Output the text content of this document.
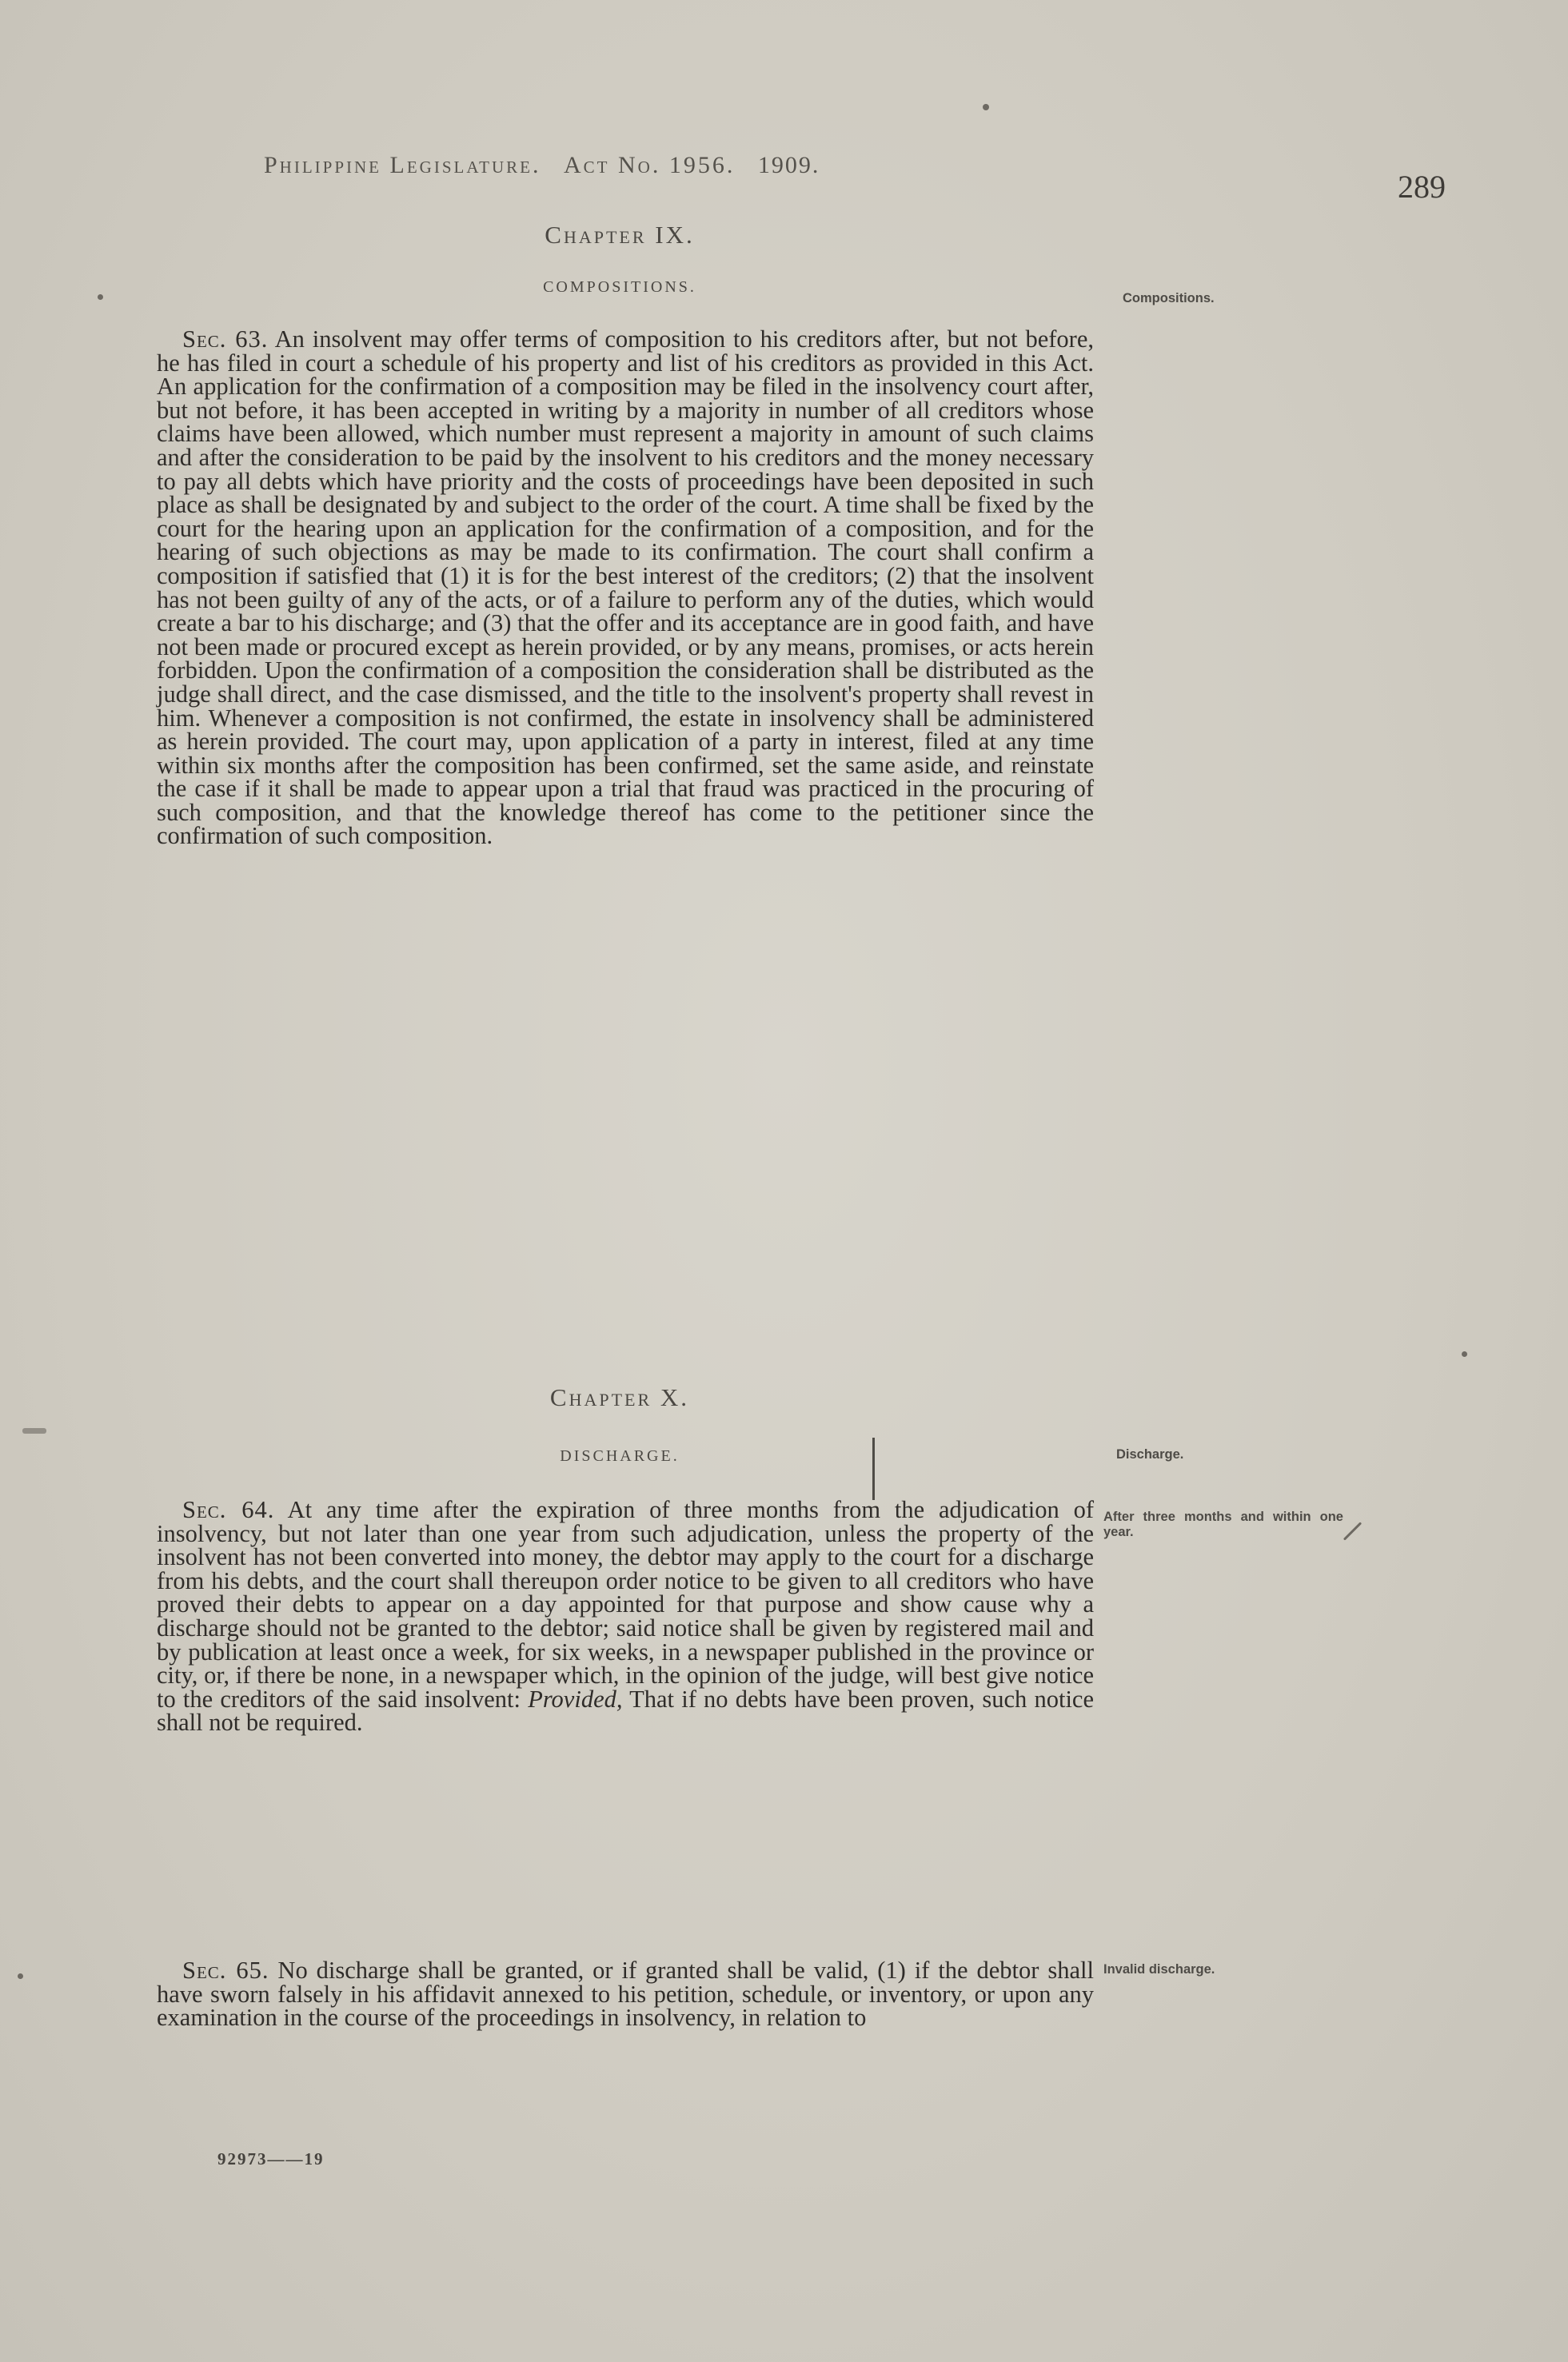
Philippine Legislature. Act No. 1956. 1909.
289
Chapter IX.
COMPOSITIONS.
Compositions.

Sec. 63. An insolvent may offer terms of composition to his creditors after, but not before, he has filed in court a schedule of his property and list of his creditors as provided in this Act. An application for the confirmation of a composition may be filed in the insolvency court after, but not before, it has been accepted in writing by a majority in number of all creditors whose claims have been allowed, which number must represent a majority in amount of such claims and after the consideration to be paid by the insolvent to his creditors and the money necessary to pay all debts which have priority and the costs of proceedings have been deposited in such place as shall be designated by and subject to the order of the court. A time shall be fixed by the court for the hearing upon an application for the confirmation of a composition, and for the hearing of such objections as may be made to its confirmation. The court shall confirm a composition if satisfied that (1) it is for the best interest of the creditors; (2) that the insolvent has not been guilty of any of the acts, or of a failure to perform any of the duties, which would create a bar to his discharge; and (3) that the offer and its acceptance are in good faith, and have not been made or procured except as herein provided, or by any means, promises, or acts herein forbidden. Upon the confirmation of a composition the consideration shall be distributed as the judge shall direct, and the case dismissed, and the title to the insolvent's property shall revest in him. Whenever a composition is not confirmed, the estate in insolvency shall be administered as herein provided. The court may, upon application of a party in interest, filed at any time within six months after the composition has been confirmed, set the same aside, and reinstate the case if it shall be made to appear upon a trial that fraud was practiced in the procuring of such composition, and that the knowledge thereof has come to the petitioner since the confirmation of such composition.

Chapter X.
DISCHARGE.	Discharge.
After three months and within one year.

Sec. 64. At any time after the expiration of three months from the adjudication of insolvency, but not later than one year from such adjudication, unless the property of the insolvent has not been converted into money, the debtor may apply to the court for a discharge from his debts, and the court shall thereupon order notice to be given to all creditors who have proved their debts to appear on a day appointed for that purpose and show cause why a discharge should not be granted to the debtor; said notice shall be given by registered mail and by publication at least once a week, for six weeks, in a newspaper published in the province or city, or, if there be none, in a newspaper which, in the opinion of the judge, will best give notice to the creditors of the said insolvent: Provided, That if no debts have been proven, such notice shall not be required.

Invalid discharge.

Sec. 65. No discharge shall be granted, or if granted shall be valid, (1) if the debtor shall have sworn falsely in his affidavit annexed to his petition, schedule, or inventory, or upon any examination in the course of the proceedings in insolvency, in relation to

92973——19
